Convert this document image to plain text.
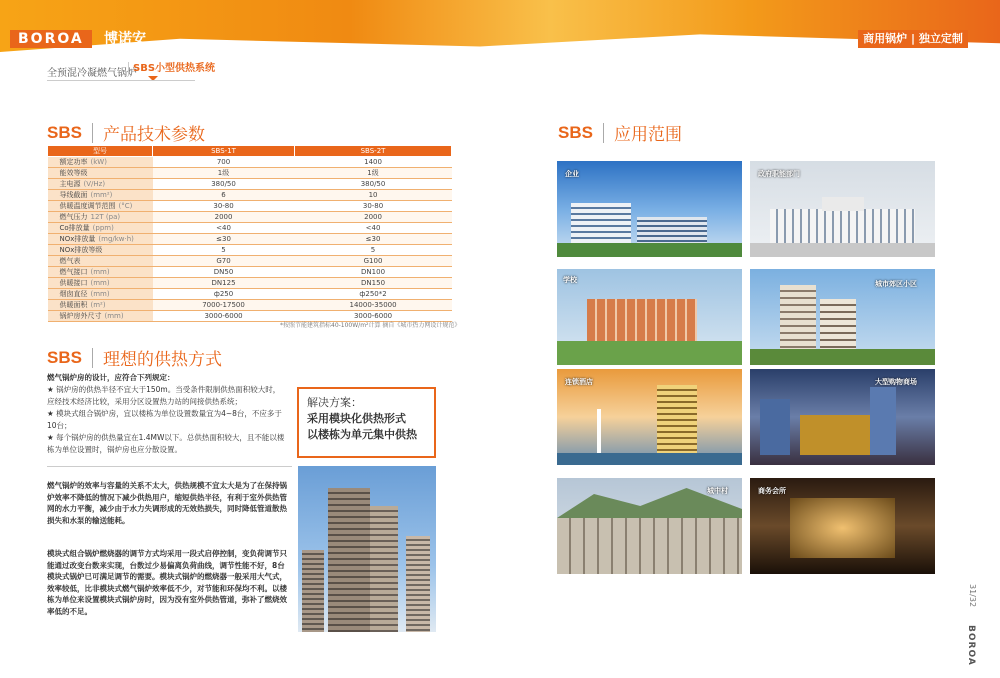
BOROA	博诺安	商用锅炉 | 独立定制供暖
全预混冷凝燃气锅炉
SBS小型供热系统
SBS 产品技术参数
型号	SBS-1T	SBS-2T
额定功率 (kW)	700	1400
能效等级	1级	1级
主电源 (V/Hz)	380/50	380/50
导线截面 (mm²)	6	10
供暖温度调节范围 (°C)	30-80	30-80
燃气压力 12T (pa)	2000	2000
Co排放量 (ppm)	<40	<40
NOx排放量 (mg/kw·h)	≤30	≤30
NOx排放等级	5	5
燃气表	G70	G100
燃气接口 (mm)	DN50	DN100
供暖接口 (mm)	DN125	DN150
烟囱直径 (mm)	ф250	ф250*2
供暖面积 (m²)	7000-17500	14000-35000
锅炉房外尺寸 (mm)	3000-6000	3000-6000
*按照节能建筑指标40-100W/m²计算 摘自《城市热力网设计规范》
SBS 理想的供热方式
燃气锅炉房的设计，应符合下列规定：
★ 锅炉房的供热半径不宜大于150m。当受条件限制供热面积较大时，应经技术经济比较，采用分区设置热力站的间接供热系统；
★ 模块式组合锅炉房，宜以楼栋为单位设置数量宜为4~8台，不应多于10台；
★ 每个锅炉房的供热量宜在1.4MW以下。总供热面积较大，且不能以楼栋为单位设置时，锅炉房也应分散设置。
解决方案：
采用模块化供热形式
以楼栋为单元集中供热
燃气锅炉的效率与容量的关系不太大，供热规模不宜太大是为了在保持锅炉效率不降低的情况下减少供热用户，缩短供热半径，有利于室外供热管网的水力平衡，减少由于水力失调形成的无效热损失，同时降低管道散热损失和水泵的输送能耗。
模块式组合锅炉燃烧器的调节方式均采用一段式启停控制，变负荷调节只能通过改变台数来实现，台数过少易偏离负荷曲线，调节性能不好，8台模块式锅炉已可满足调节的需要。模块式锅炉的燃烧器一般采用大气式，效率较低，比非模块式燃气锅炉效率低不少，对节能和环保均不利。以楼栋为单位来设置模块式锅炉房时，因为没有室外供热管道，弥补了燃烧效率低的不足。
SBS 应用范围
企业	政府职能部门
学校	城市郊区小区
连锁酒店	大型购物商场
城中村	商务会所
31/32
BOROA
